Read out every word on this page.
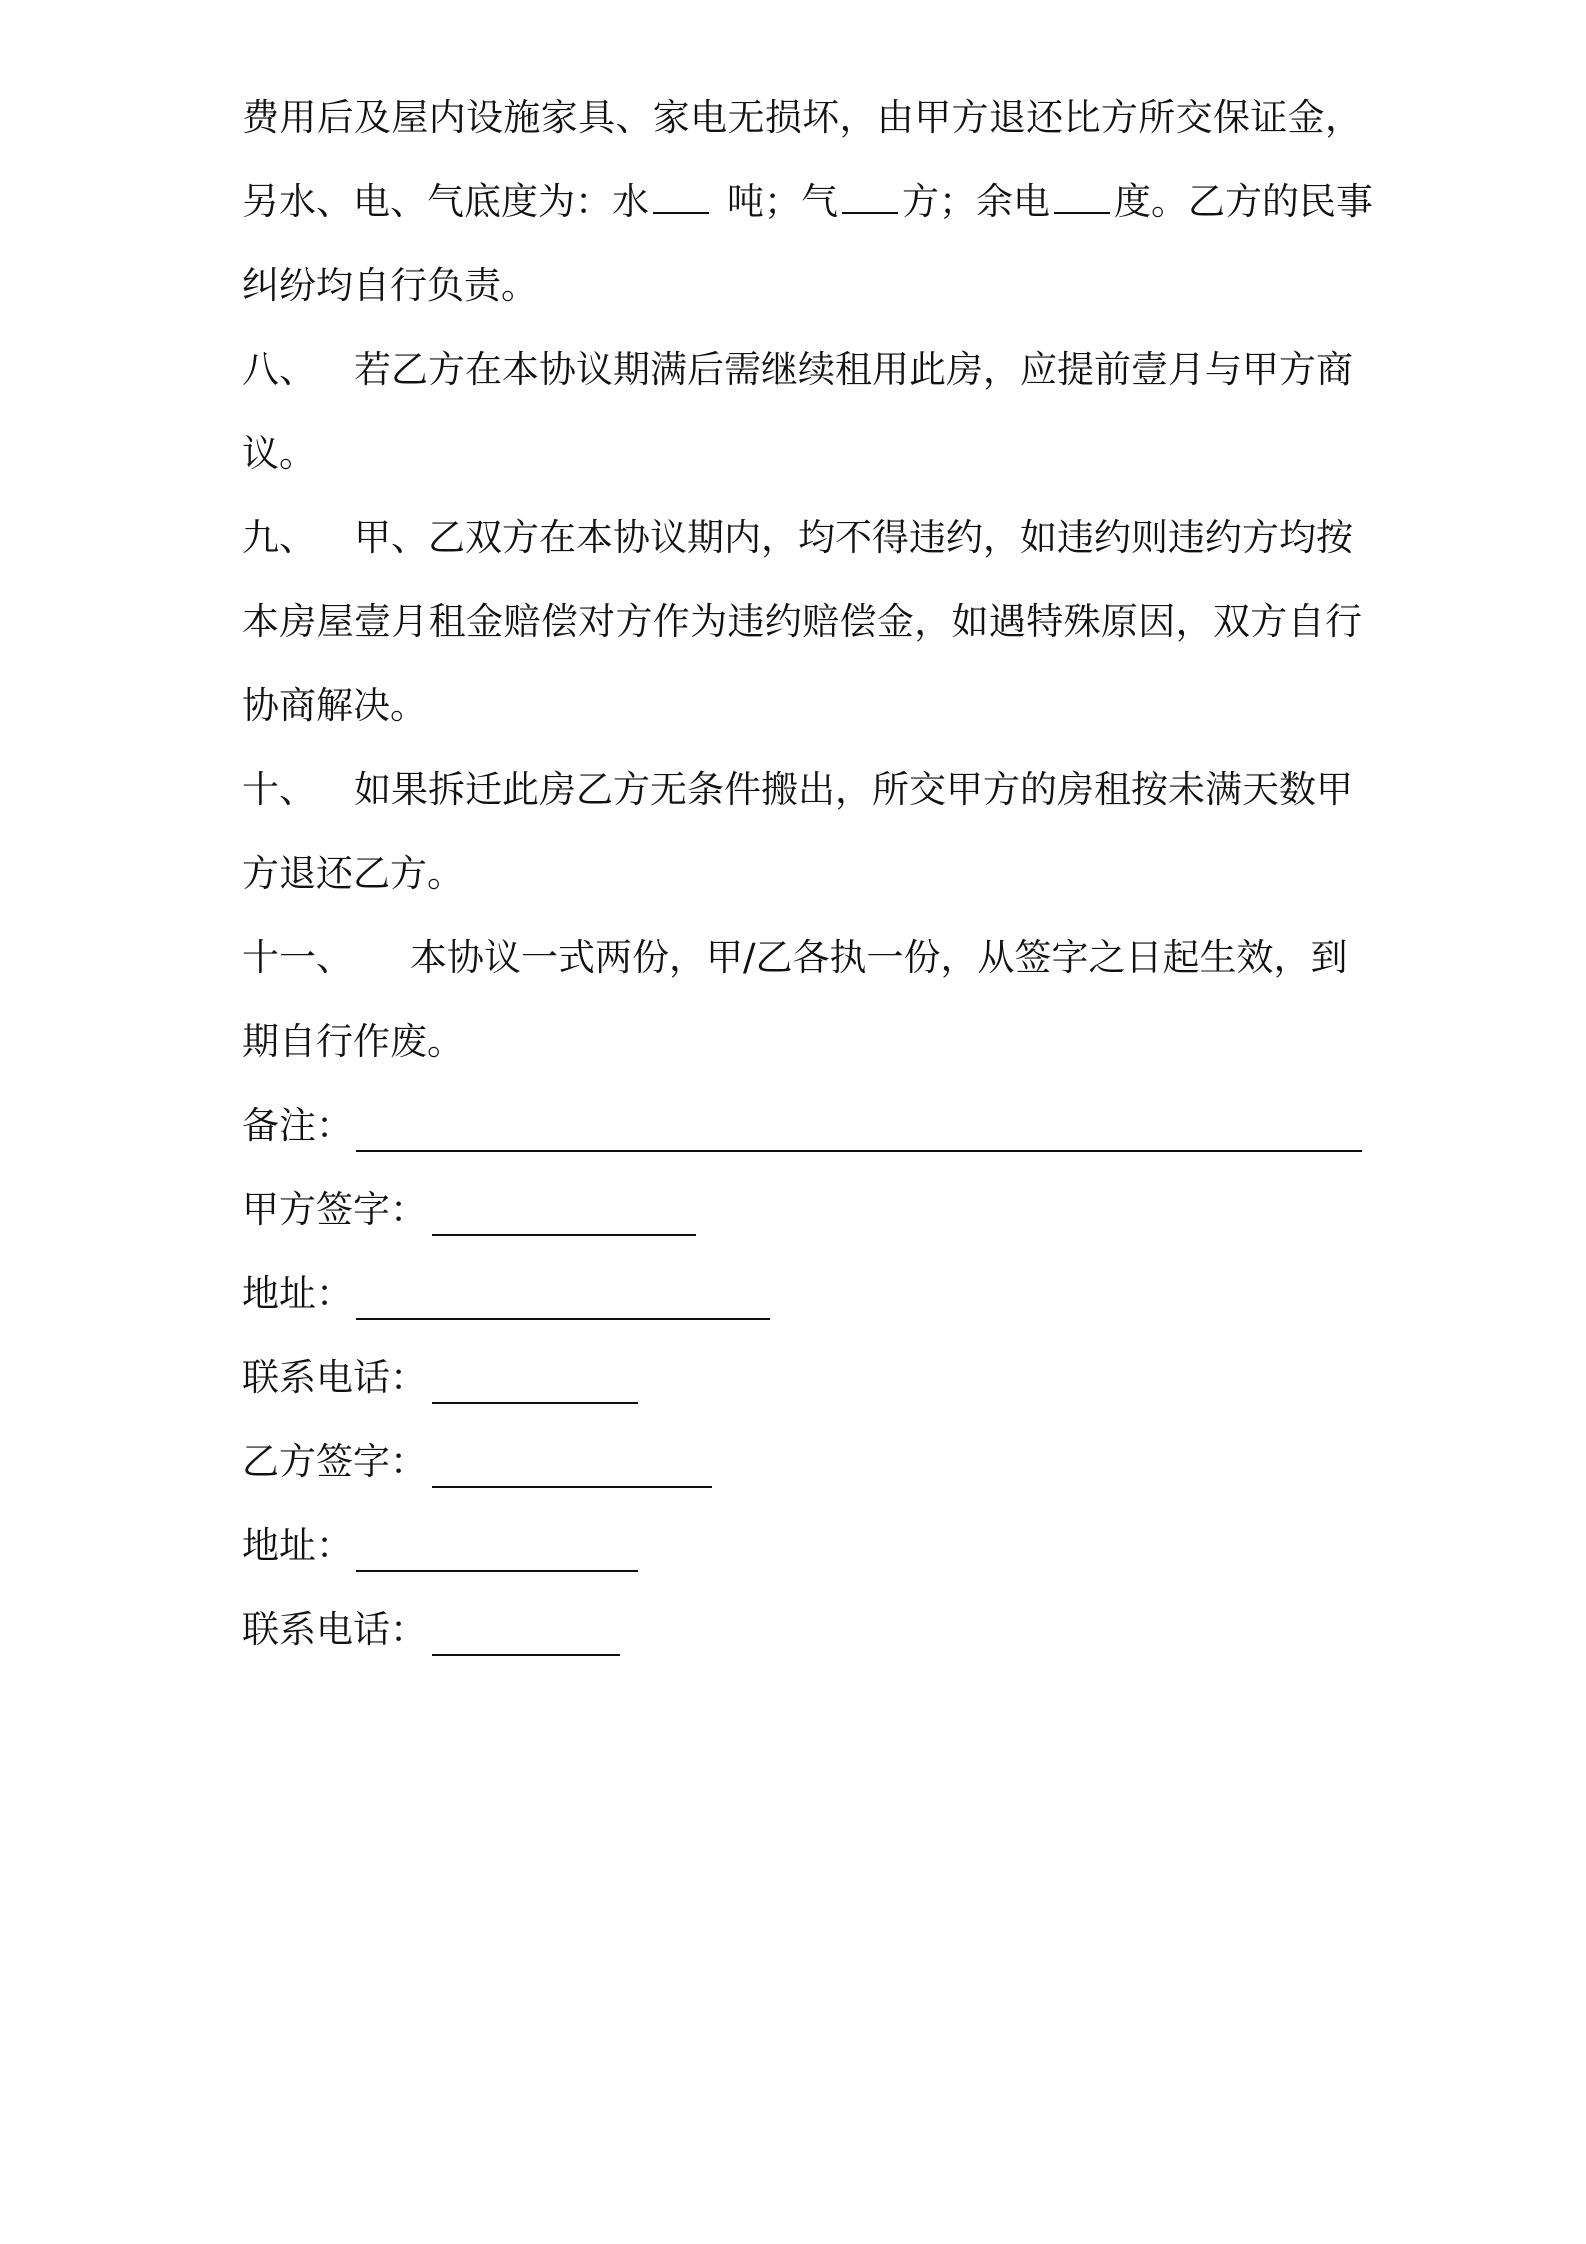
费用后及屋内设施家具、家电无损坏，由甲方退还比方所交保证金，
另水、电、气底度为：水 吨；气 方；余电 度。乙方的民事
纠纷均自行负责。
八、 若乙方在本协议期满后需继续租用此房，应提前壹月与甲方商
议。
九、 甲、乙双方在本协议期内，均不得违约，如违约则违约方均按
本房屋壹月租金赔偿对方作为违约赔偿金，如遇特殊原因，双方自行
协商解决。
十、 如果拆迁此房乙方无条件搬出，所交甲方的房租按未满天数甲
方退还乙方。
十一、 本协议一式两份，甲/乙各执一份，从签字之日起生效，到
期自行作废。
备注：
甲方签字：
地址：
联系电话：
乙方签字：
地址：
联系电话：
